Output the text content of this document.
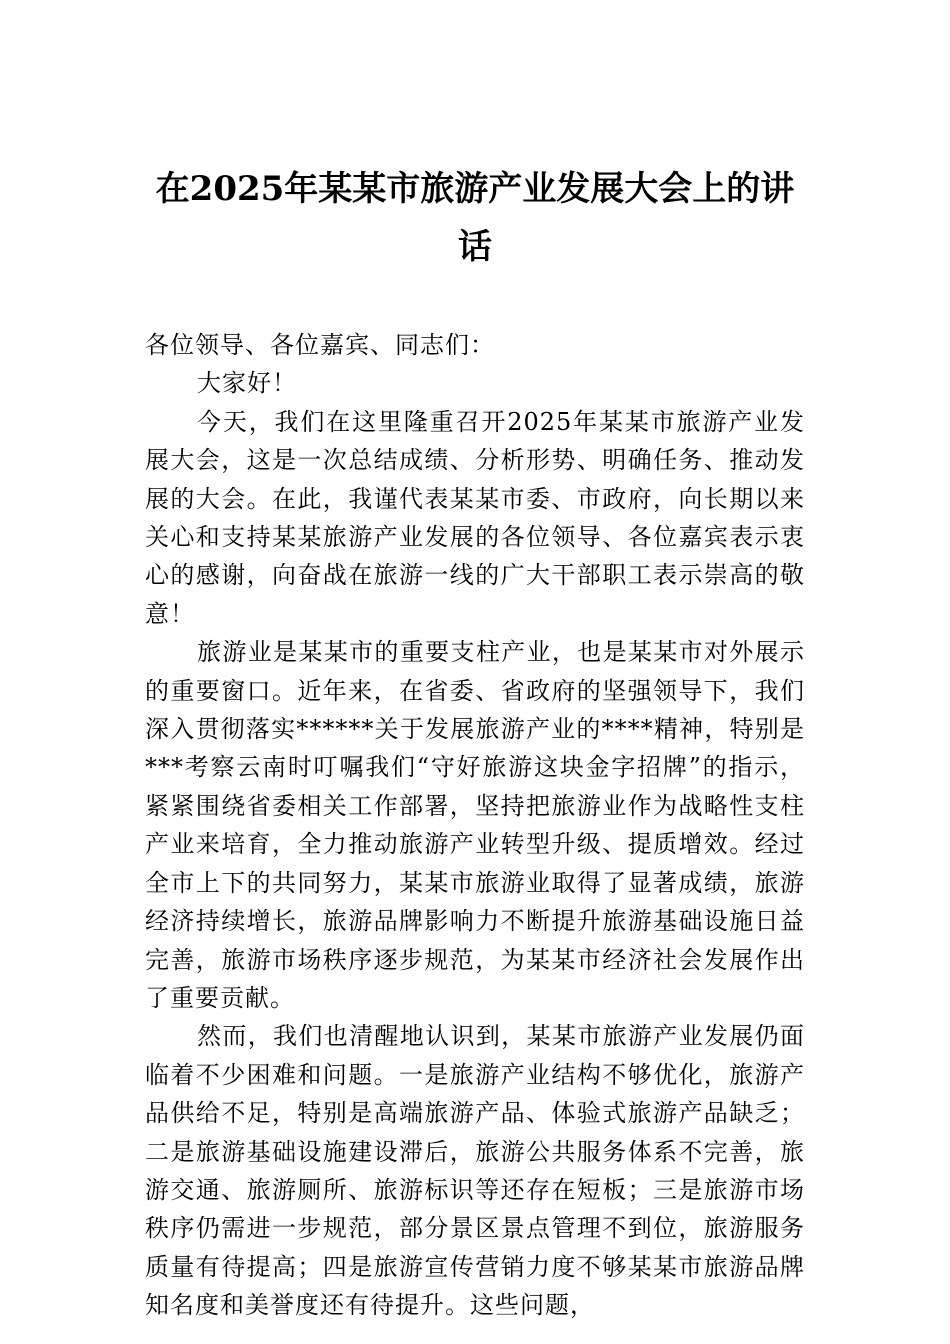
在2025年某某市旅游产业发展大会上的讲话

各位领导、各位嘉宾、同志们：

大家好！

今天，我们在这里隆重召开2025年某某市旅游产业发展大会，这是一次总结成绩、分析形势、明确任务、推动发展的大会。在此，我谨代表某某市委、市政府，向长期以来关心和支持某某旅游产业发展的各位领导、各位嘉宾表示衷心的感谢，向奋战在旅游一线的广大干部职工表示崇高的敬意！

旅游业是某某市的重要支柱产业，也是某某市对外展示的重要窗口。近年来，在省委、省政府的坚强领导下，我们深入贯彻落实******关于发展旅游产业的****精神，特别是***考察云南时叮嘱我们“守好旅游这块金字招牌”的指示，紧紧围绕省委相关工作部署，坚持把旅游业作为战略性支柱产业来培育，全力推动旅游产业转型升级、提质增效。经过全市上下的共同努力，某某市旅游业取得了显著成绩，旅游经济持续增长，旅游品牌影响力不断提升旅游基础设施日益完善，旅游市场秩序逐步规范，为某某市经济社会发展作出了重要贡献。

然而，我们也清醒地认识到，某某市旅游产业发展仍面临着不少困难和问题。一是旅游产业结构不够优化，旅游产品供给不足，特别是高端旅游产品、体验式旅游产品缺乏；二是旅游基础设施建设滞后，旅游公共服务体系不完善，旅游交通、旅游厕所、旅游标识等还存在短板；三是旅游市场秩序仍需进一步规范，部分景区景点管理不到位，旅游服务质量有待提高；四是旅游宣传营销力度不够某某市旅游品牌知名度和美誉度还有待提升。这些问题，
